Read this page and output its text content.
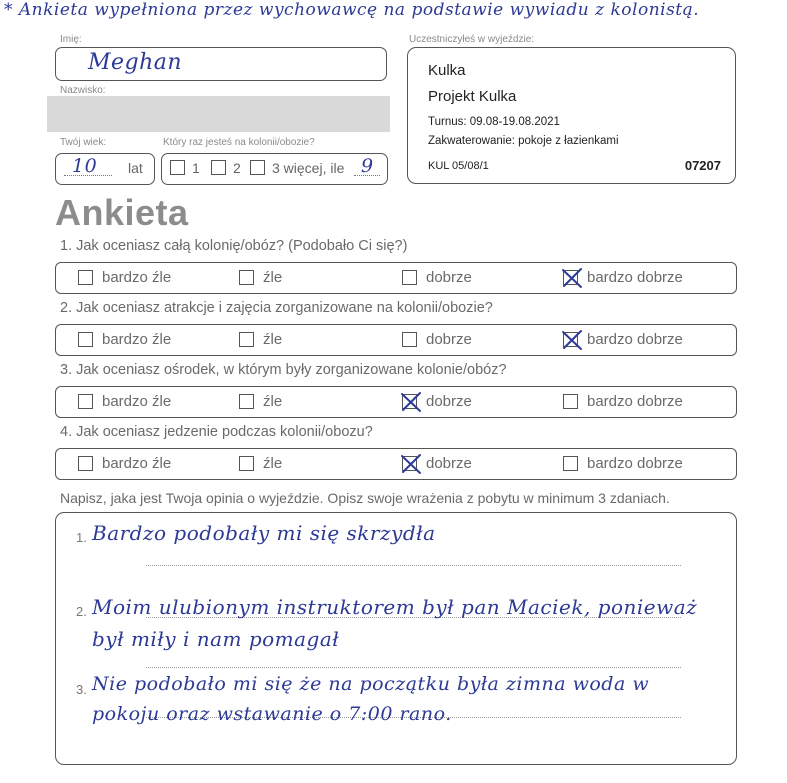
* Ankieta wypełniona przez wychowawcę na podstawie wywiadu z kolonistą.
Imię:
Meghan
Nazwisko:
Twój wiek:
10 lat
Który raz jesteś na kolonii/obozie?
1 2 3 więcej, ile 9
Uczestniczyłeś w wyjeździe:
Kulka
Projekt Kulka
Turnus: 09.08-19.08.2021
Zakwaterowanie: pokoje z łazienkami
KUL 05/08/1	07207
Ankieta
1. Jak oceniasz całą kolonię/obóz? (Podobało Ci się?)
bardzo źle	źle	dobrze	bardzo dobrze
2. Jak oceniasz atrakcje i zajęcia zorganizowane na kolonii/obozie?
bardzo źle	źle	dobrze	bardzo dobrze
3. Jak oceniasz ośrodek, w którym były zorganizowane kolonie/obóz?
bardzo źle	źle	dobrze	bardzo dobrze
4. Jak oceniasz jedzenie podczas kolonii/obozu?
bardzo źle	źle	dobrze	bardzo dobrze
Napisz, jaka jest Twoja opinia o wyjeździe. Opisz swoje wrażenia z pobytu w minimum 3 zdaniach.
1.
2.
3.
Bardzo podobały mi się skrzydła
Moim ulubionym instruktorem był pan Maciek, ponieważ
był miły i nam pomagał
Nie podobało mi się że na początku była zimna woda w
pokoju oraz wstawanie o 7:00 rano.
